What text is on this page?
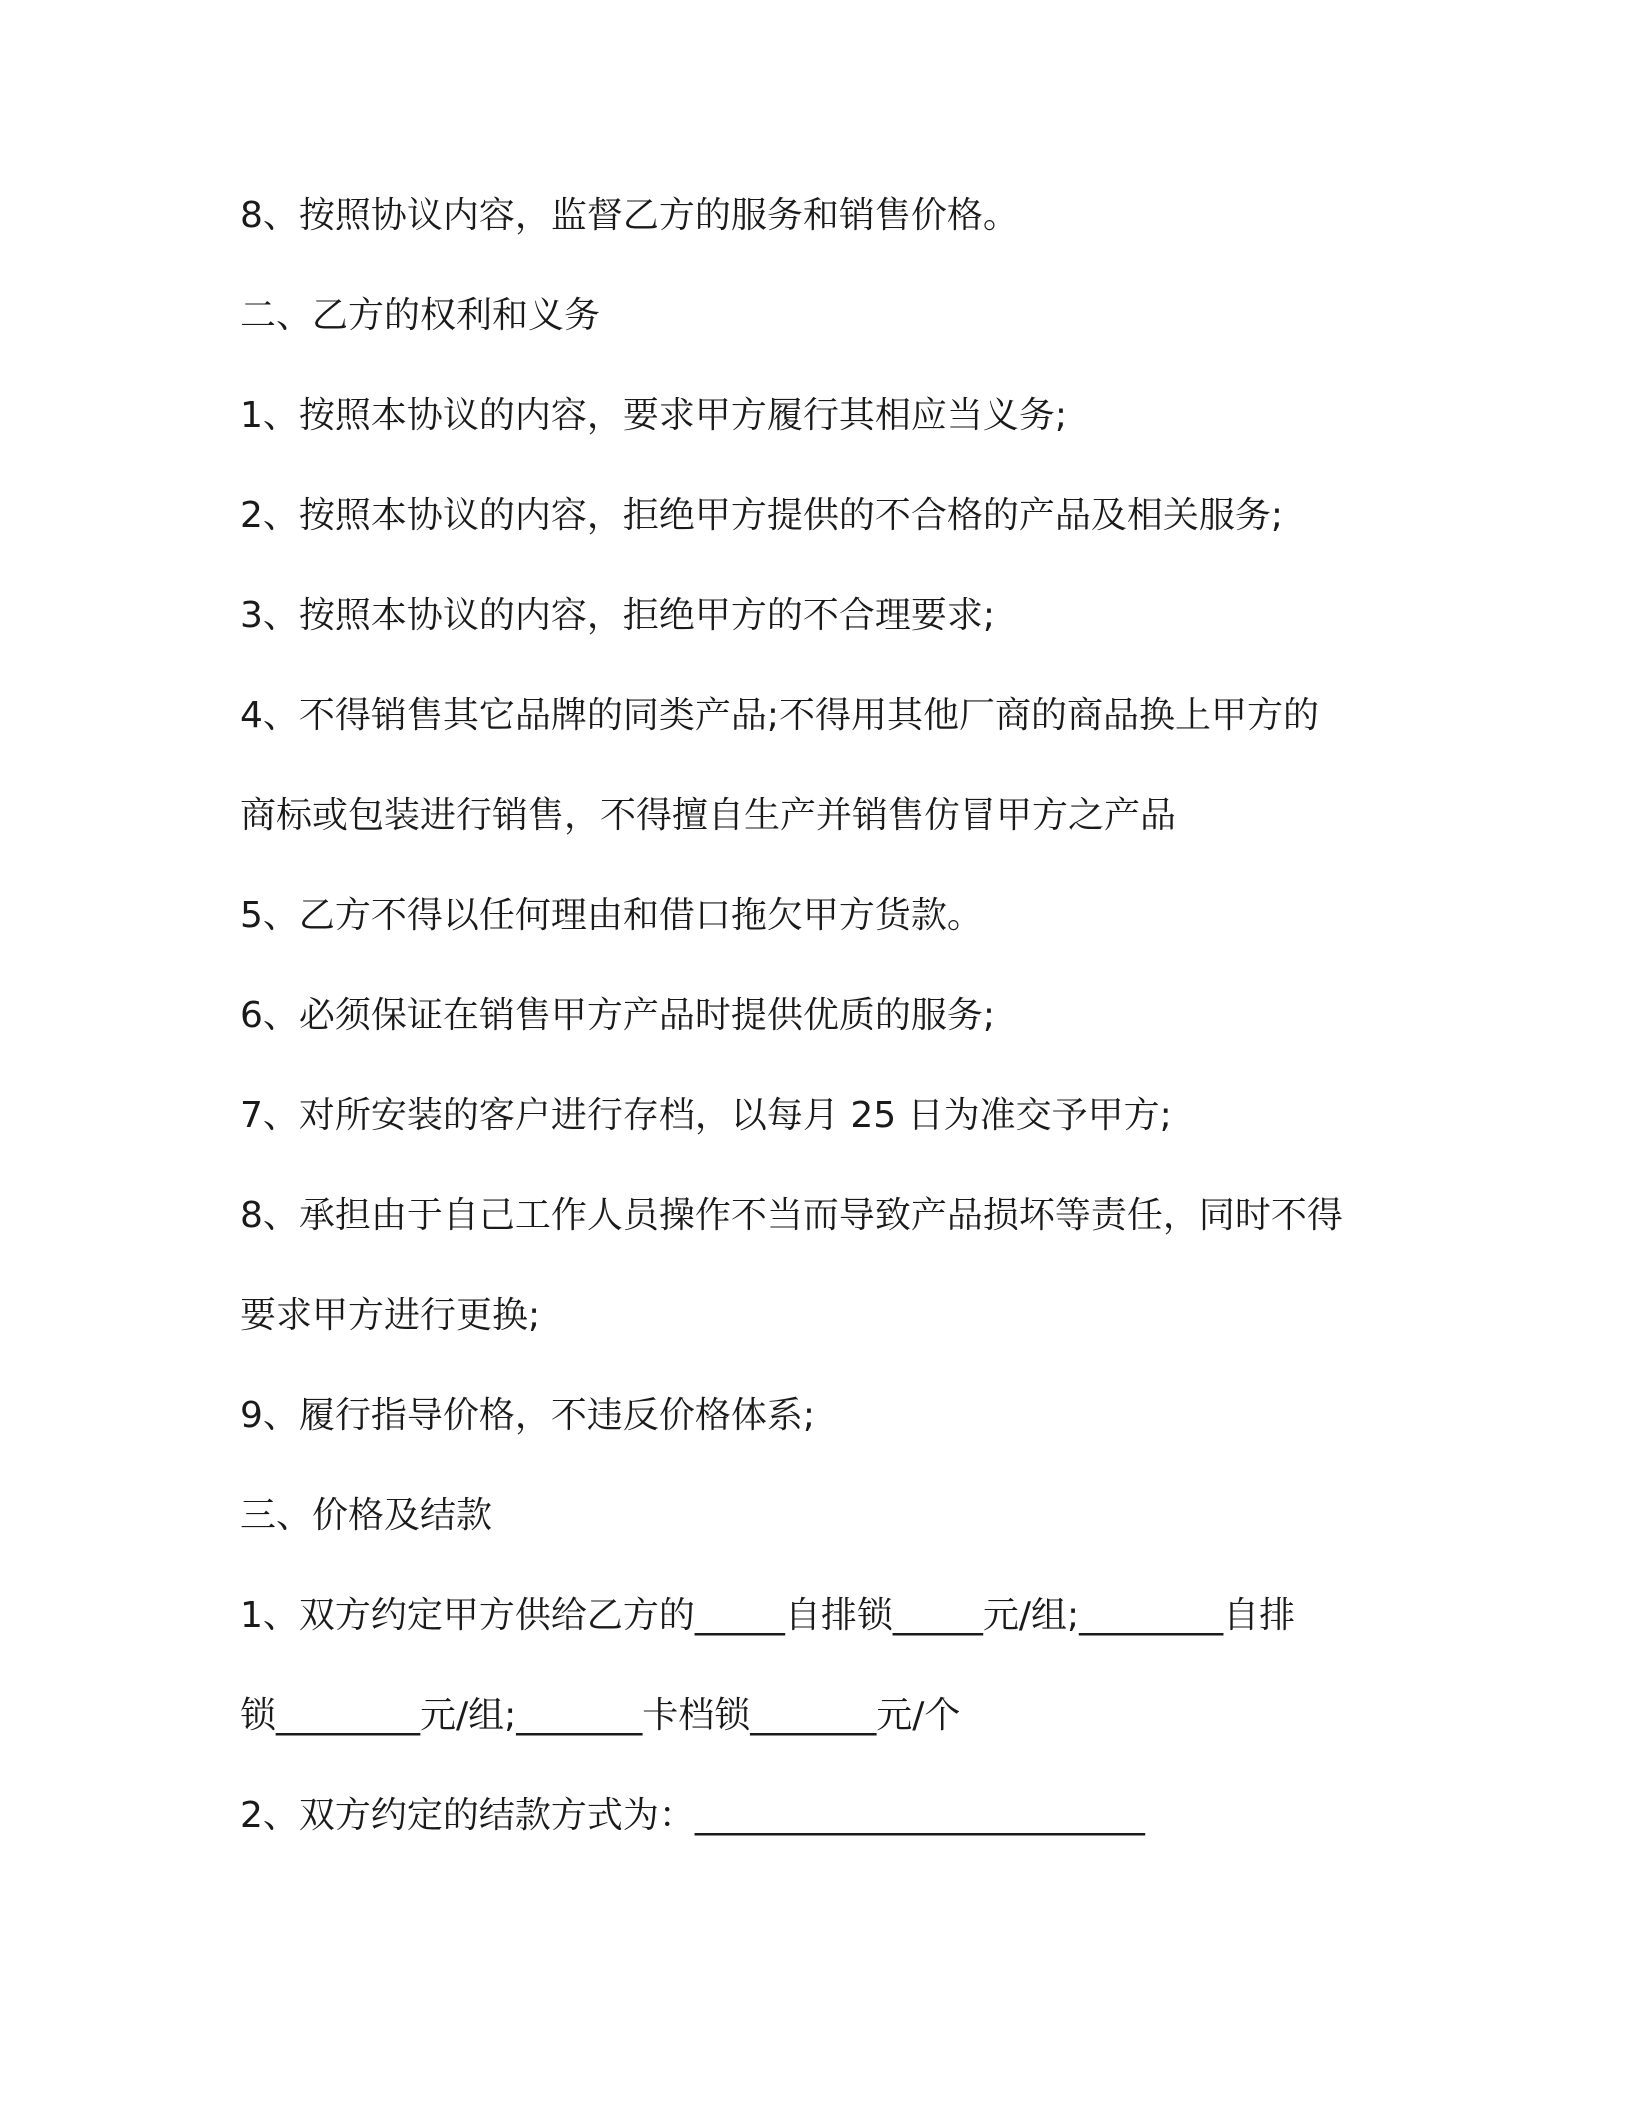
8、按照协议内容，监督乙方的服务和销售价格。

二、乙方的权利和义务

1、按照本协议的内容，要求甲方履行其相应当义务;

2、按照本协议的内容，拒绝甲方提供的不合格的产品及相关服务;

3、按照本协议的内容，拒绝甲方的不合理要求;

4、不得销售其它品牌的同类产品;不得用其他厂商的商品换上甲方的

商标或包装进行销售，不得擅自生产并销售仿冒甲方之产品

5、乙方不得以任何理由和借口拖欠甲方货款。

6、必须保证在销售甲方产品时提供优质的服务;

7、对所安装的客户进行存档，以每月 25 日为准交予甲方;

8、承担由于自己工作人员操作不当而导致产品损坏等责任，同时不得

要求甲方进行更换;

9、履行指导价格，不违反价格体系;

三、价格及结款

1、双方约定甲方供给乙方的_____自排锁_____元/组;________自排

锁________元/组;_______卡档锁_______元/个

2、双方约定的结款方式为：_________________________
